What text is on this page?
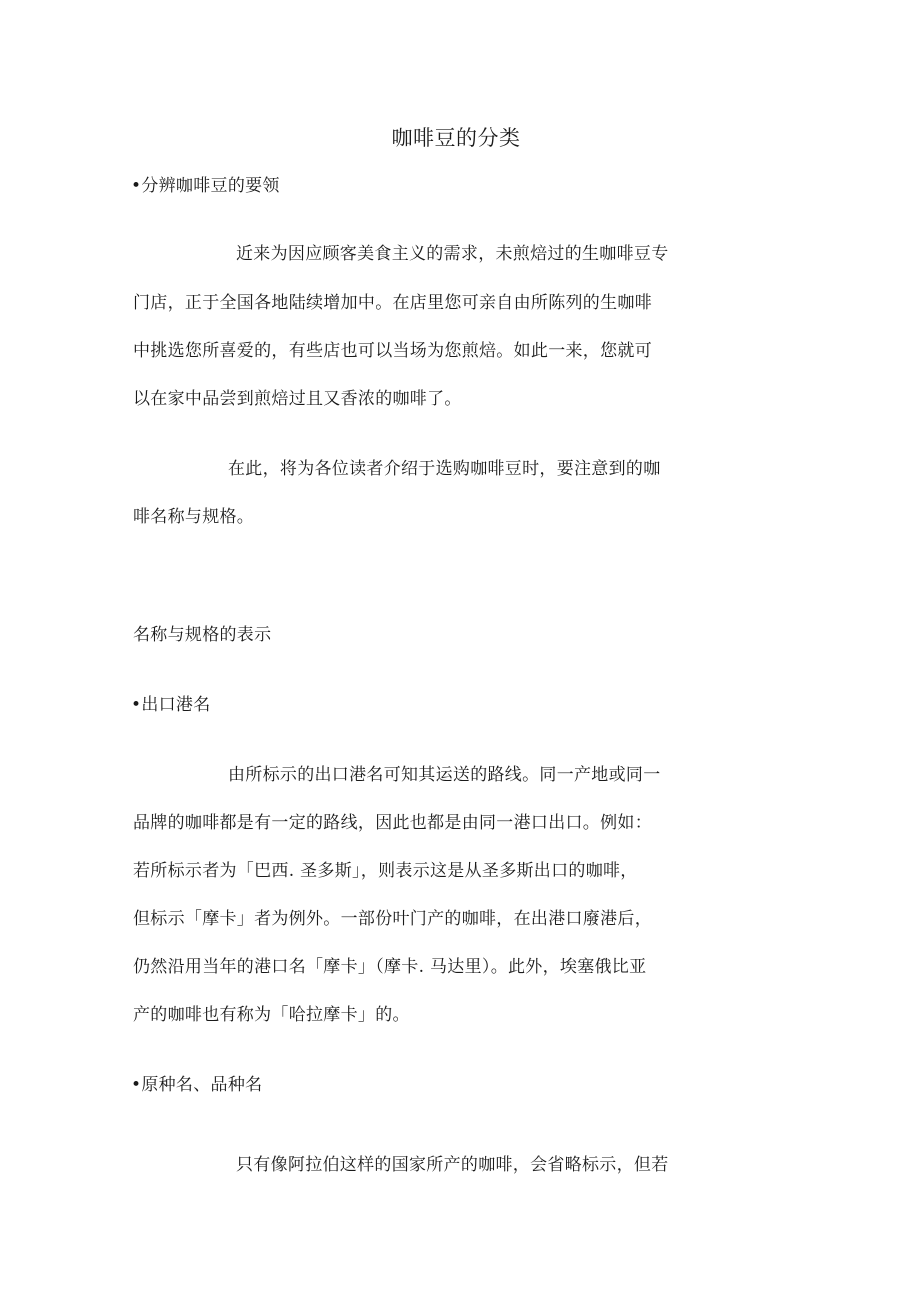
咖啡豆的分类
•分辨咖啡豆的要领
近来为因应顾客美食主义的需求，未煎焙过的生咖啡豆专
门店，正于全国各地陆续增加中。在店里您可亲自由所陈列的生咖啡
中挑选您所喜爱的，有些店也可以当场为您煎焙。如此一来，您就可
以在家中品尝到煎焙过且又香浓的咖啡了。
在此，将为各位读者介绍于选购咖啡豆时，要注意到的咖
啡名称与规格。
名称与规格的表示
•出口港名
由所标示的出口港名可知其运送的路线。同一产地或同一
品牌的咖啡都是有一定的路线，因此也都是由同一港口出口。例如：
若所标示者为「巴西. 圣多斯」，则表示这是从圣多斯出口的咖啡，
但标示「摩卡」者为例外。一部份叶门产的咖啡，在出港口廢港后，
仍然沿用当年的港口名「摩卡」（摩卡. 马达里）。此外，埃塞俄比亚
产的咖啡也有称为「哈拉摩卡」的。
•原种名、品种名
只有像阿拉伯这样的国家所产的咖啡，会省略标示，但若
